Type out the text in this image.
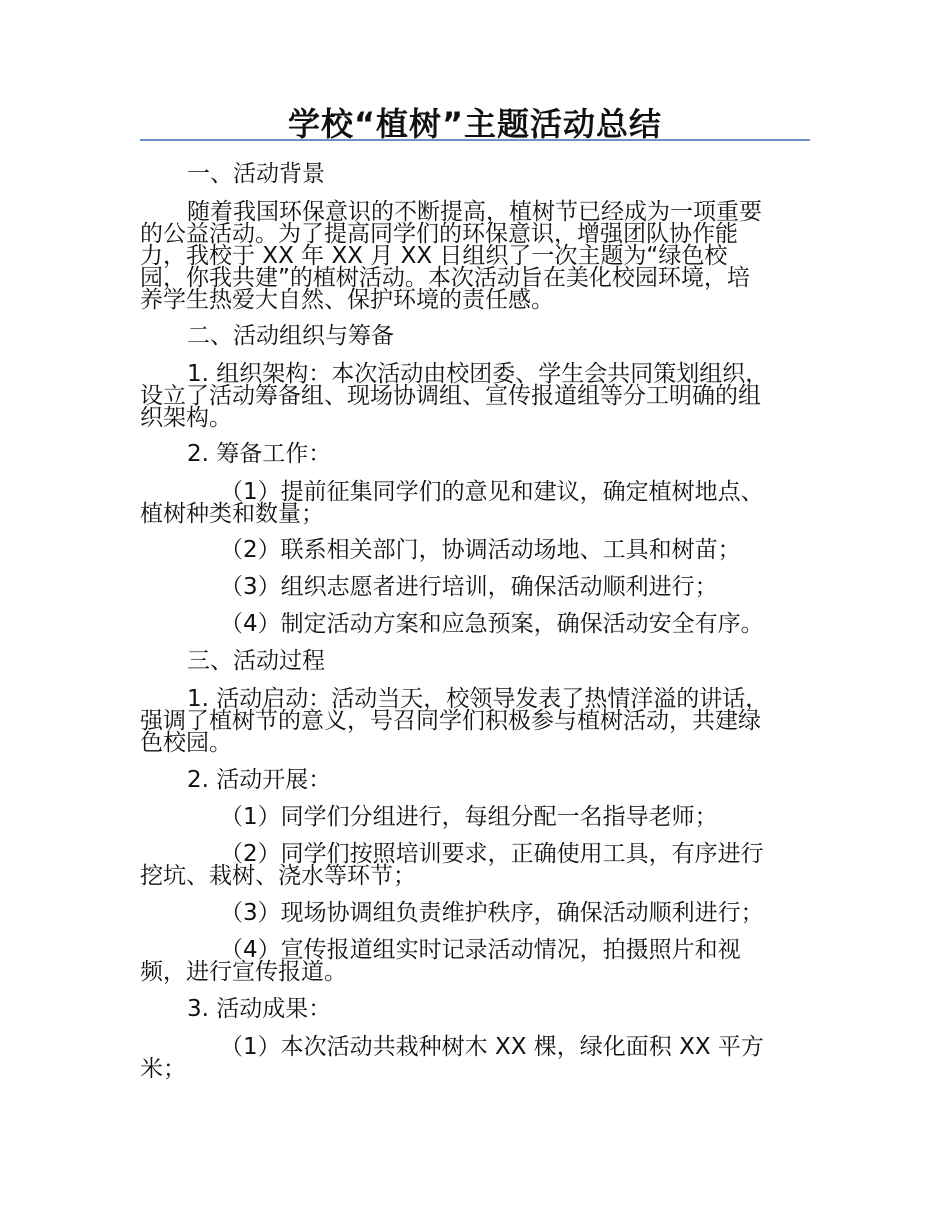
学校“植树”主题活动总结
一、活动背景
随着我国环保意识的不断提高，植树节已经成为一项重要
的公益活动。为了提高同学们的环保意识，增强团队协作能
力，我校于 XX 年 XX 月 XX 日组织了一次主题为“绿色校
园，你我共建”的植树活动。本次活动旨在美化校园环境，培
养学生热爱大自然、保护环境的责任感。
二、活动组织与筹备
1. 组织架构：本次活动由校团委、学生会共同策划组织，
设立了活动筹备组、现场协调组、宣传报道组等分工明确的组
织架构。
2. 筹备工作：
（1）提前征集同学们的意见和建议，确定植树地点、
植树种类和数量；
（2）联系相关部门，协调活动场地、工具和树苗；
（3）组织志愿者进行培训，确保活动顺利进行；
（4）制定活动方案和应急预案，确保活动安全有序。
三、活动过程
1. 活动启动：活动当天，校领导发表了热情洋溢的讲话，
强调了植树节的意义，号召同学们积极参与植树活动，共建绿
色校园。
2. 活动开展：
（1）同学们分组进行，每组分配一名指导老师；
（2）同学们按照培训要求，正确使用工具，有序进行
挖坑、栽树、浇水等环节；
（3）现场协调组负责维护秩序，确保活动顺利进行；
（4）宣传报道组实时记录活动情况，拍摄照片和视
频，进行宣传报道。
3. 活动成果：
（1）本次活动共栽种树木 XX 棵，绿化面积 XX 平方
米；
